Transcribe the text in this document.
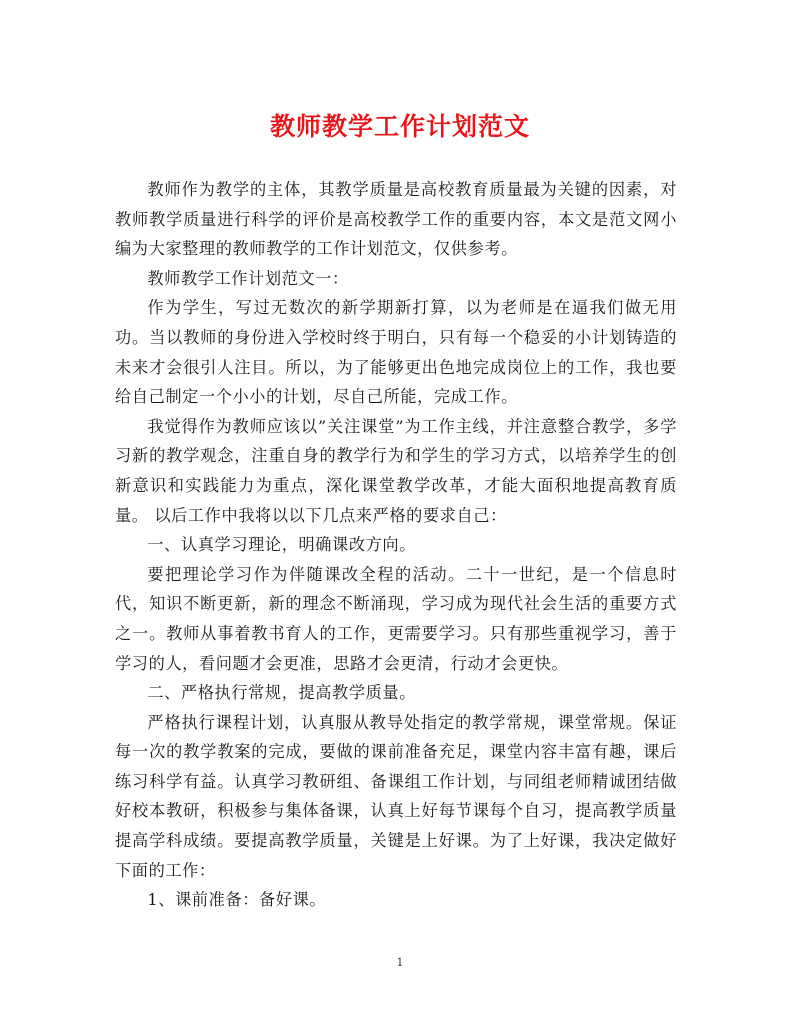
教师教学工作计划范文

教师作为教学的主体，其教学质量是高校教育质量最为关键的因素，对教师教学质量进行科学的评价是高校教学工作的重要内容，本文是范文网小编为大家整理的教师教学的工作计划范文，仅供参考。

教师教学工作计划范文一：

作为学生，写过无数次的新学期新打算，以为老师是在逼我们做无用功。当以教师的身份进入学校时终于明白，只有每一个稳妥的小计划铸造的未来才会很引人注目。所以，为了能够更出色地完成岗位上的工作，我也要给自己制定一个小小的计划，尽自己所能，完成工作。

我觉得作为教师应该以”关注课堂”为工作主线，并注意整合教学，多学习新的教学观念，注重自身的教学行为和学生的学习方式，以培养学生的创新意识和实践能力为重点，深化课堂教学改革，才能大面积地提高教育质量。 以后工作中我将以以下几点来严格的要求自己：

一、认真学习理论，明确课改方向。

要把理论学习作为伴随课改全程的活动。二十一世纪，是一个信息时代，知识不断更新，新的理念不断涌现，学习成为现代社会生活的重要方式之一。教师从事着教书育人的工作，更需要学习。只有那些重视学习，善于学习的人，看问题才会更准，思路才会更清，行动才会更快。

二、严格执行常规，提高教学质量。

严格执行课程计划，认真服从教导处指定的教学常规，课堂常规。保证每一次的教学教案的完成，要做的课前准备充足，课堂内容丰富有趣，课后练习科学有益。认真学习教研组、备课组工作计划，与同组老师精诚团结做好校本教研，积极参与集体备课，认真上好每节课每个自习，提高教学质量提高学科成绩。要提高教学质量，关键是上好课。为了上好课，我决定做好下面的工作：

1、课前准备：备好课。

1
